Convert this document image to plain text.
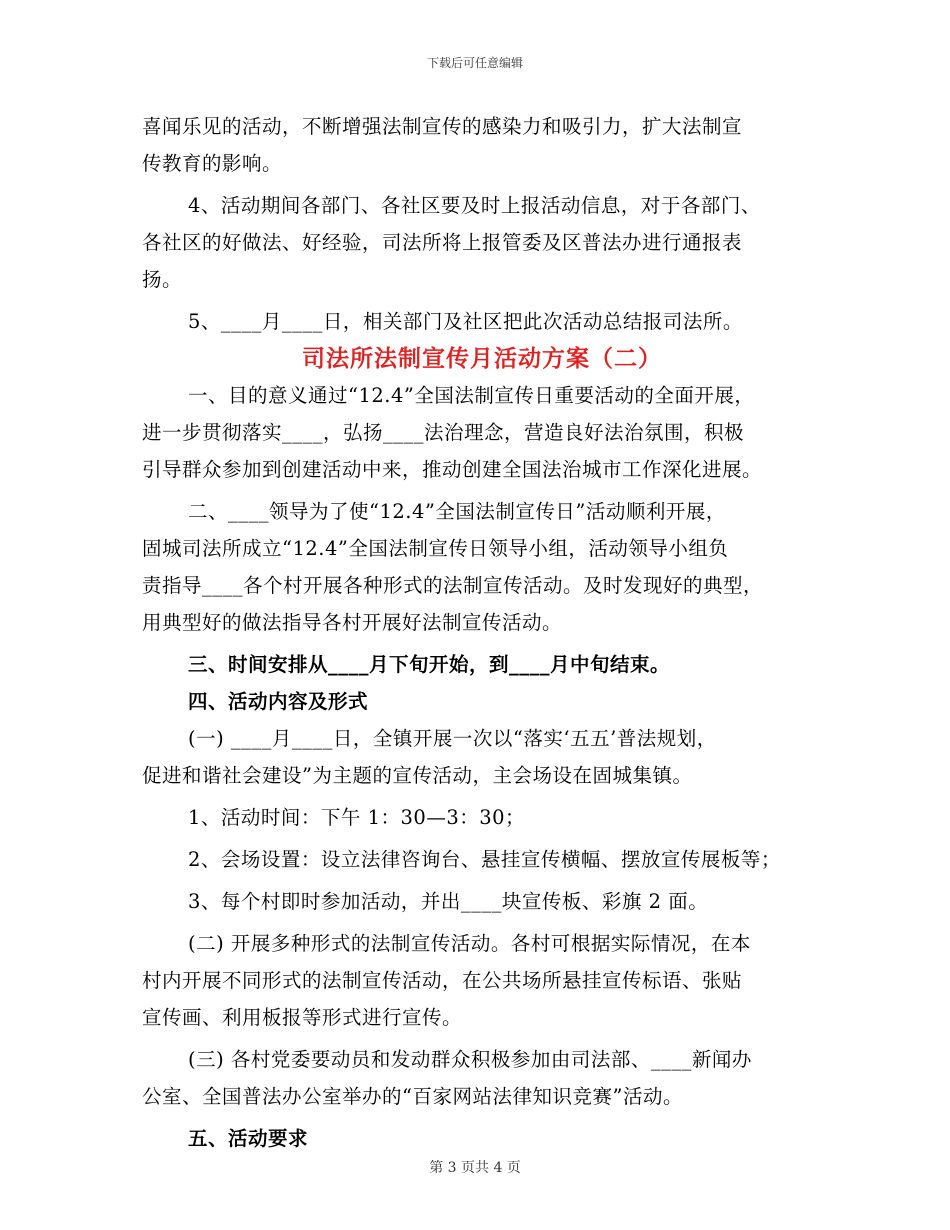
下载后可任意编辑
喜闻乐见的活动，不断增强法制宣传的感染力和吸引力，扩大法制宣
传教育的影响。
4、活动期间各部门、各社区要及时上报活动信息，对于各部门、
各社区的好做法、好经验，司法所将上报管委及区普法办进行通报表
扬。
5、____月____日，相关部门及社区把此次活动总结报司法所。
司法所法制宣传月活动方案（二）
一、目的意义通过“12.4”全国法制宣传日重要活动的全面开展，
进一步贯彻落实____，弘扬____法治理念，营造良好法治氛围，积极
引导群众参加到创建活动中来，推动创建全国法治城市工作深化进展。
二、____领导为了使“12.4”全国法制宣传日”活动顺利开展，
固城司法所成立“12.4”全国法制宣传日领导小组，活动领导小组负
责指导____各个村开展各种形式的法制宣传活动。及时发现好的典型，
用典型好的做法指导各村开展好法制宣传活动。
三、时间安排从____月下旬开始，到____月中旬结束。
四、活动内容及形式
(一) ____月____日，全镇开展一次以“落实‘五五’普法规划，
促进和谐社会建设”为主题的宣传活动，主会场设在固城集镇。
1、活动时间：下午 1：30—3：30；
2、会场设置：设立法律咨询台、悬挂宣传横幅、摆放宣传展板等；
3、每个村即时参加活动，并出____块宣传板、彩旗 2 面。
(二) 开展多种形式的法制宣传活动。各村可根据实际情况，在本
村内开展不同形式的法制宣传活动，在公共场所悬挂宣传标语、张贴
宣传画、利用板报等形式进行宣传。
(三) 各村党委要动员和发动群众积极参加由司法部、____新闻办
公室、全国普法办公室举办的“百家网站法律知识竞赛”活动。
五、活动要求
第 3 页共 4 页
